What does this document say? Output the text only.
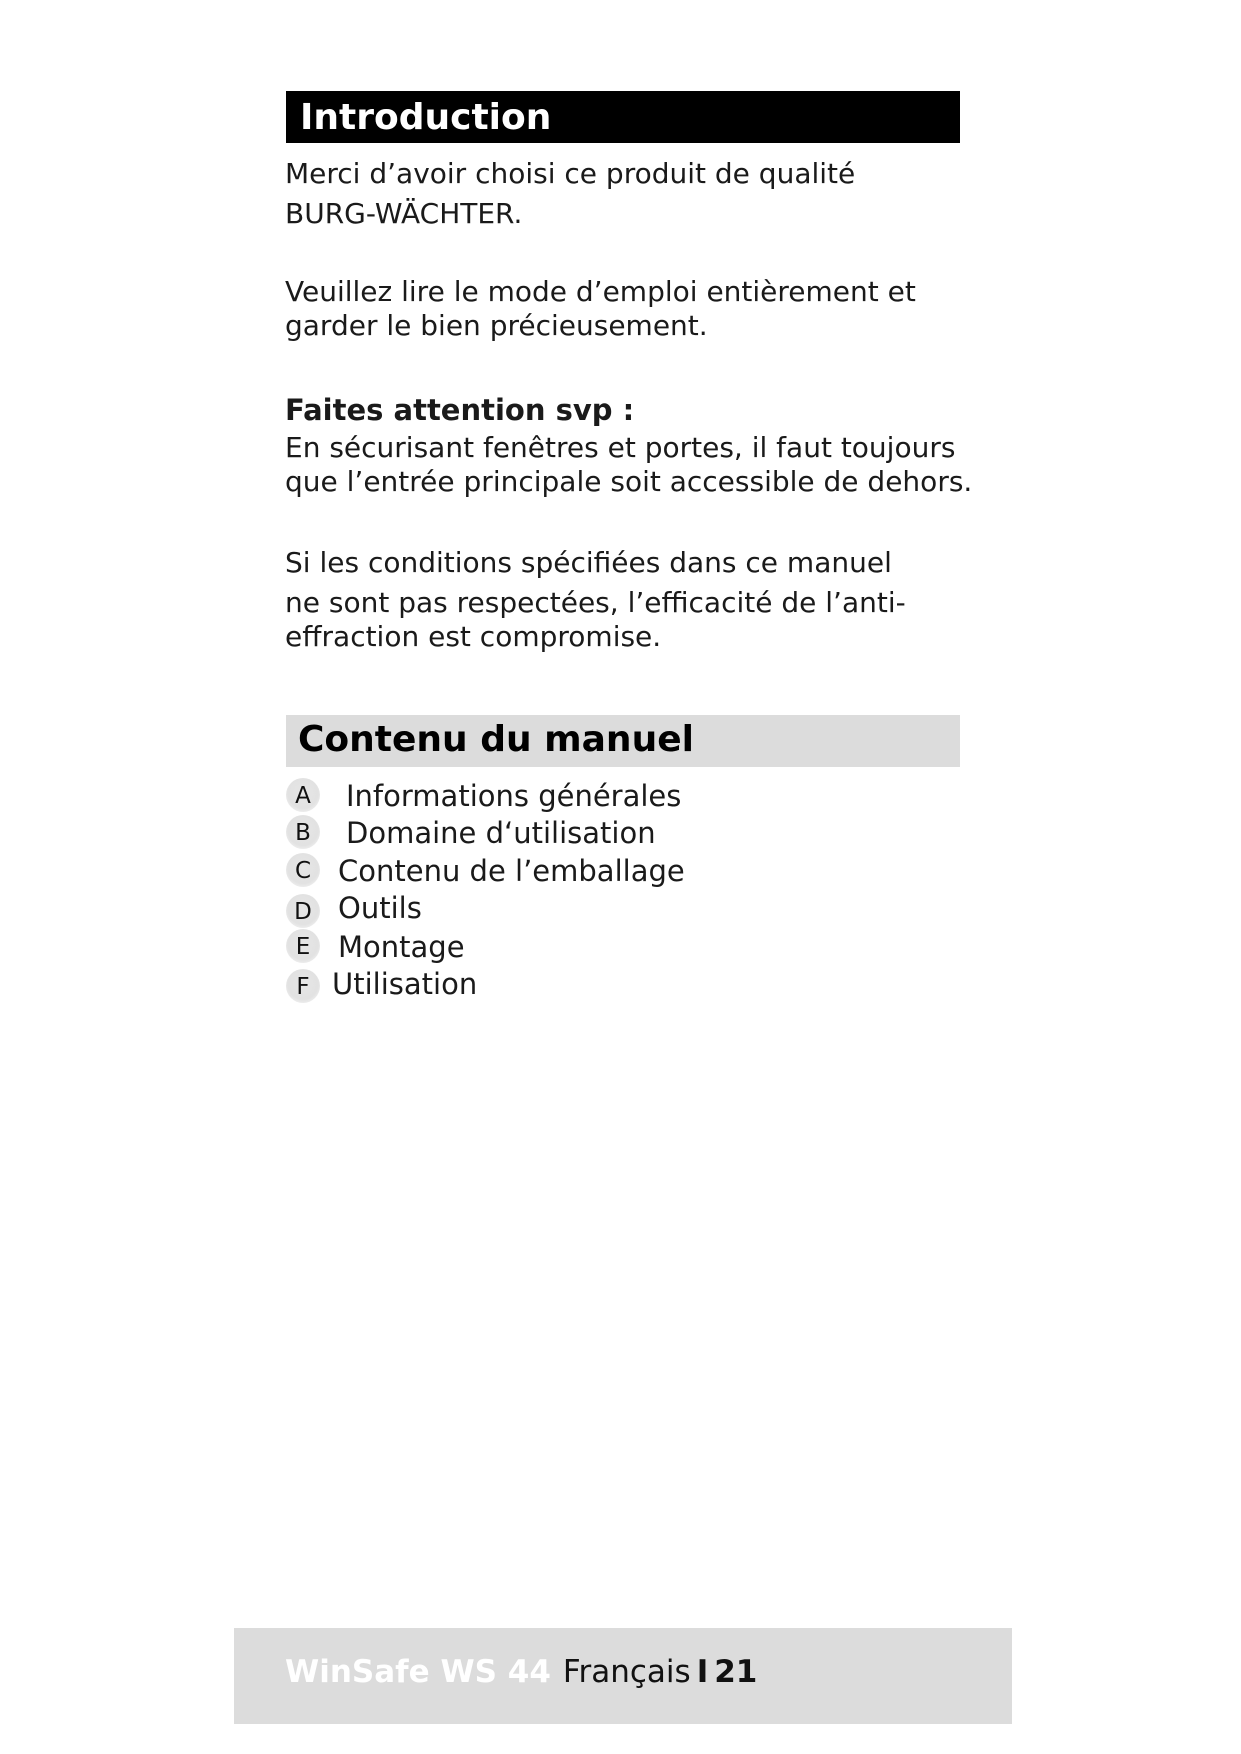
Introduction

Merci d’avoir choisi ce produit de qualité
BURG-WÄCHTER.

Veuillez lire le mode d’emploi entièrement et
garder le bien précieusement.

Faites attention svp :

En sécurisant fenêtres et portes, il faut toujours
que l’entrée principale soit accessible de dehors.

Si les conditions spécifiées dans ce manuel
ne sont pas respectées, l’efficacité de l’anti-
effraction est compromise.

Contenu du manuel
A	Informations générales
B	Domaine d‘utilisation
C Contenu de l’emballage
D Outils
E Montage
F Utilisation
WinSafe WS 44 Français I 21
